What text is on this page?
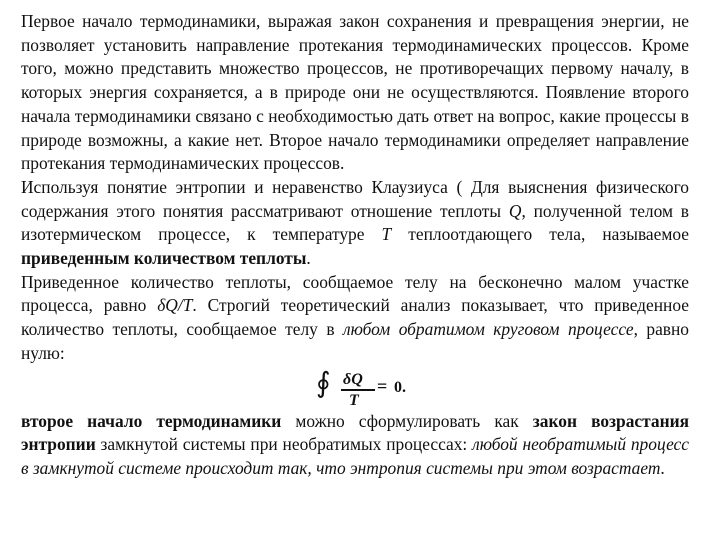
Первое начало термодинамики, выражая закон сохранения и превращения энергии, не позволяет установить направление протекания термодинамических процессов. Кроме того, можно представить множество процессов, не противоречащих первому началу, в которых энергия сохраняется, а в природе они не осуществляются. Появление второго начала термодинамики связано с необходимостью дать ответ на вопрос, какие процессы в природе возможны, а какие нет. Второе начало термодинамики определяет направление протекания термодинамических процессов.

Используя понятие энтропии и неравенство Клаузиуса ( Для выяснения физического содержания этого понятия рассматривают отношение теплоты Q, полученной телом в изотермическом процессе, к температуре T теплоотдающего тела, называемое приведенным количеством теплоты.

Приведенное количество теплоты, сообщаемое телу на бесконечно малом участке процесса, равно δQ/T. Строгий теоретический анализ показывает, что приведенное количество теплоты, сообщаемое телу в любом обратимом круговом процессе, равно нулю:

∮ δQ
T
= 0.

второе начало термодинамики можно сформулировать как закон возрастания энтропии замкнутой системы при необратимых процессах: любой необратимый процесс в замкнутой системе происходит так, что энтропия системы при этом возрастает.
